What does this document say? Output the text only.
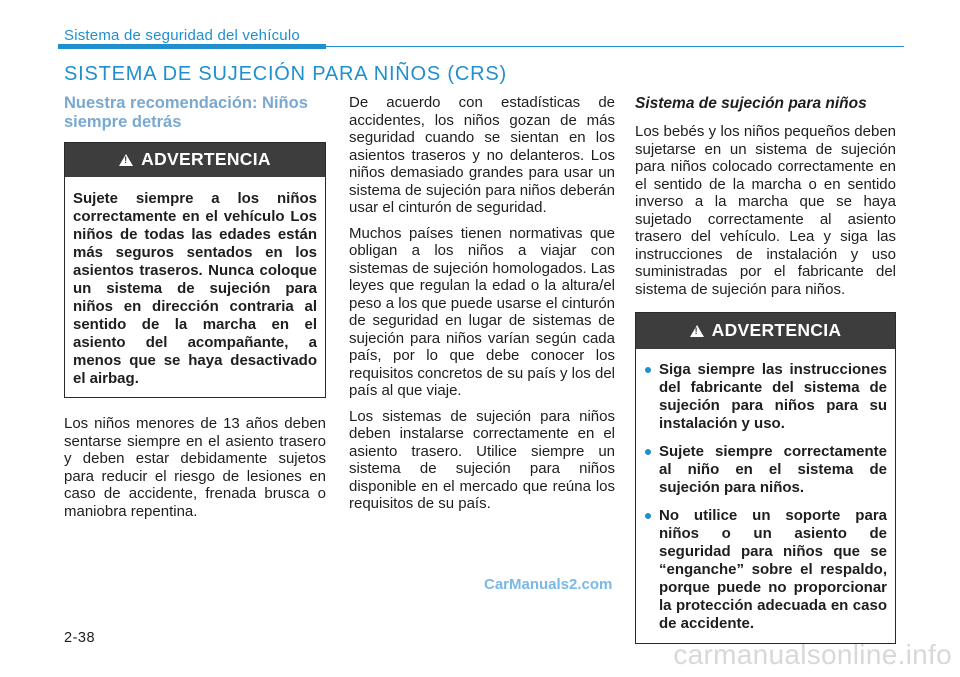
Sistema de seguridad del vehículo
SISTEMA DE SUJECIÓN PARA NIÑOS (CRS)
Nuestra recomendación: Niños siempre detrás
!
ADVERTENCIA
Sujete siempre a los niños correctamente en el vehículo Los niños de todas las edades están más seguros sentados en los asientos traseros. Nunca coloque un sistema de sujeción para niños en dirección contraria al sentido de la marcha en el asiento del acompañante, a menos que se haya desactivado el airbag.

Los niños menores de 13 años deben sentarse siempre en el asiento trasero y deben estar debidamente sujetos para reducir el riesgo de lesiones en caso de accidente, frenada brusca o maniobra repentina.

De acuerdo con estadísticas de accidentes, los niños gozan de más seguridad cuando se sientan en los asientos traseros y no delanteros. Los niños demasiado grandes para usar un sistema de sujeción para niños deberán usar el cinturón de seguridad.

Muchos países tienen normativas que obligan a los niños a viajar con sistemas de sujeción homologados. Las leyes que regulan la edad o la altura/el peso a los que puede usarse el cinturón de seguridad en lugar de sistemas de sujeción para niños varían según cada país, por lo que debe conocer los requisitos concretos de su país y los del país al que viaje.

Los sistemas de sujeción para niños deben instalarse correctamente en el asiento trasero. Utilice siempre un sistema de sujeción para niños disponible en el mercado que reúna los requisitos de su país.

Sistema de sujeción para niños

Los bebés y los niños pequeños deben sujetarse en un sistema de sujeción para niños colocado correctamente en el sentido de la marcha o en sentido inverso a la marcha que se haya sujetado correctamente al asiento trasero del vehículo. Lea y siga las instrucciones de instalación y uso suministradas por el fabricante del sistema de sujeción para niños.

!
ADVERTENCIA
Siga siempre las instrucciones del fabricante del sistema de sujeción para niños para su instalación y uso.
Sujete siempre correctamente al niño en el sistema de sujeción para niños.
No utilice un soporte para niños o un asiento de seguridad para niños que se “enganche” sobre el respaldo, porque puede no proporcionar la protección adecuada en caso de accidente.
CarManuals2.com
2-38
carmanualsonline.info
